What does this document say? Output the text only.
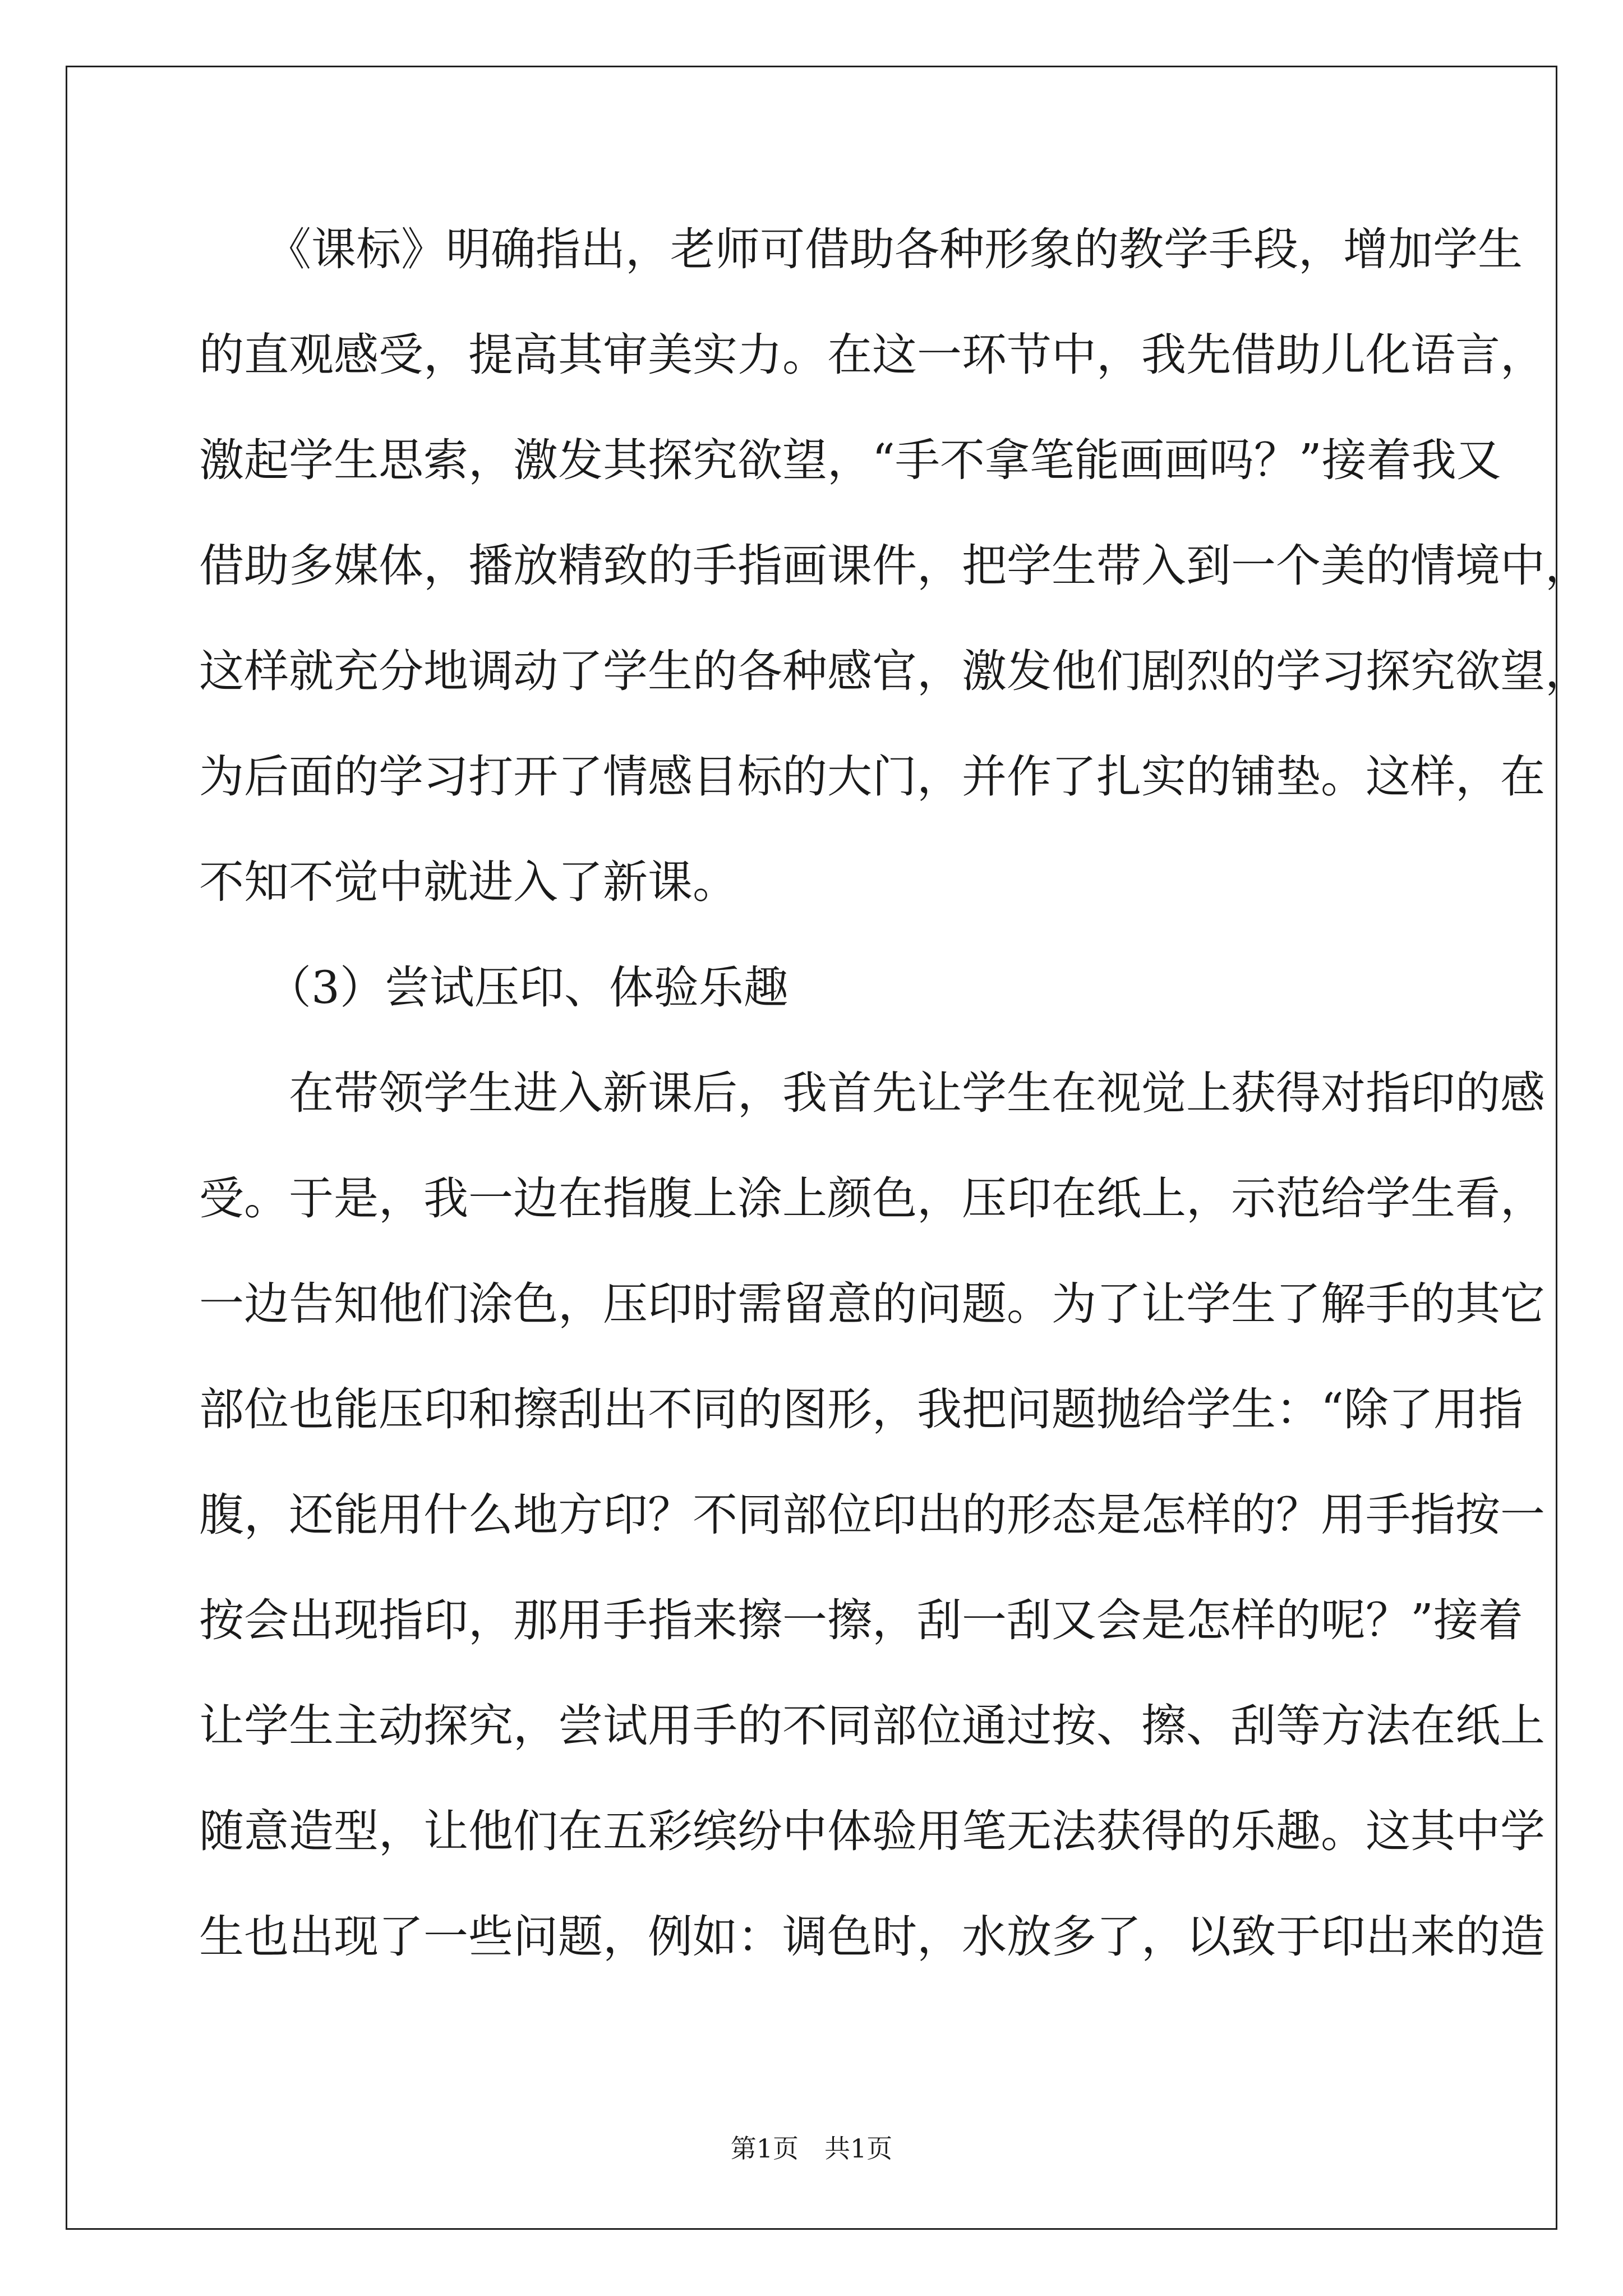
　　《课标》明确指出，老师可借助各种形象的教学手段，增加学生
的直观感受，提高其审美实力。在这一环节中，我先借助儿化语言，
激起学生思索，激发其探究欲望，“手不拿笔能画画吗？”接着我又
借助多媒体，播放精致的手指画课件，把学生带入到一个美的情境中，
这样就充分地调动了学生的各种感官，激发他们剧烈的学习探究欲望，
为后面的学习打开了情感目标的大门，并作了扎实的铺垫。这样，在
不知不觉中就进入了新课。
　　（3）尝试压印、体验乐趣
　　在带领学生进入新课后，我首先让学生在视觉上获得对指印的感
受。于是，我一边在指腹上涂上颜色，压印在纸上，示范给学生看，
一边告知他们涂色，压印时需留意的问题。为了让学生了解手的其它
部位也能压印和擦刮出不同的图形，我把问题抛给学生：“除了用指
腹，还能用什么地方印？不同部位印出的形态是怎样的？用手指按一
按会出现指印，那用手指来擦一擦，刮一刮又会是怎样的呢？”接着
让学生主动探究，尝试用手的不同部位通过按、擦、刮等方法在纸上
随意造型，让他们在五彩缤纷中体验用笔无法获得的乐趣。这其中学
生也出现了一些问题，例如：调色时，水放多了，以致于印出来的造
第1页　共1页
